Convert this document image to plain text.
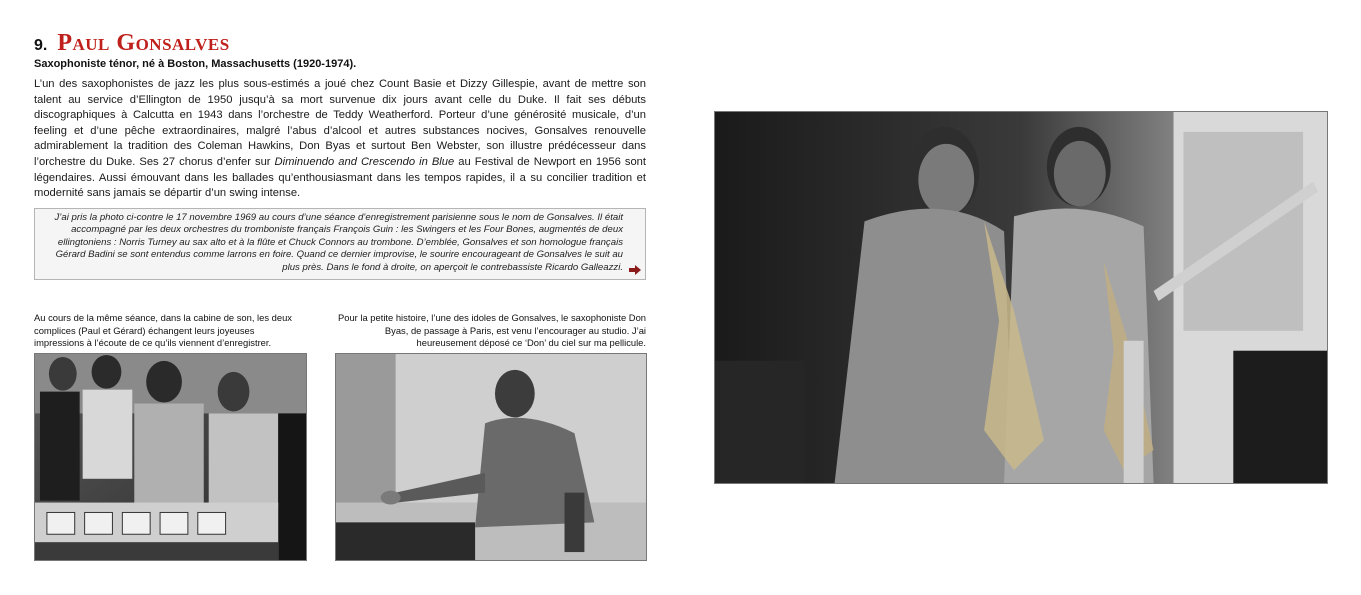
9. Paul Gonsalves
Saxophoniste ténor, né à Boston, Massachusetts (1920-1974).

L’un des saxophonistes de jazz les plus sous-estimés a joué chez Count Basie et Dizzy Gillespie, avant de mettre son talent au service d’Ellington de 1950 jusqu’à sa mort survenue dix jours avant celle du Duke. Il fait ses débuts discographiques à Calcutta en 1943 dans l’orchestre de Teddy Weatherford. Porteur d’une générosité musicale, d’un feeling et d’une pêche extraordinaires, malgré l’abus d’alcool et autres substances nocives, Gonsalves renouvelle admirablement la tradition des Coleman Hawkins, Don Byas et surtout Ben Webster, son illustre prédécesseur dans l’orchestre du Duke. Ses 27 chorus d’enfer sur Diminuendo and Crescendo in Blue au Festival de Newport en 1956 sont légendaires. Aussi émouvant dans les ballades qu’enthousiasmant dans les tempos rapides, il a su concilier tradition et modernité sans jamais se départir d’un swing intense.

J’ai pris la photo ci-contre le 17 novembre 1969 au cours d’une séance d’enregistrement parisienne sous le nom de Gonsalves. Il était accompagné par les deux orchestres du tromboniste français François Guin : les Swingers et les Four Bones, augmentés de deux ellingtoniens : Norris Turney au sax alto et à la flûte et Chuck Connors au trombone. D’emblée, Gonsalves et son homologue français Gérard Badini se sont entendus comme larrons en foire. Quand ce dernier improvise, le sourire encourageant de Gonsalves le suit au plus près. Dans le fond à droite, on aperçoit le contrebassiste Ricardo Galleazzi.

Au cours de la même séance, dans la cabine de son, les deux complices (Paul et Gérard) échangent leurs joyeuses impressions à l’écoute de ce qu’ils viennent d’enregistrer.

Pour la petite histoire, l’une des idoles de Gonsalves, le saxophoniste Don Byas, de passage à Paris, est venu l’encourager au studio. J’ai heureusement déposé ce ‘Don’ du ciel sur ma pellicule.
